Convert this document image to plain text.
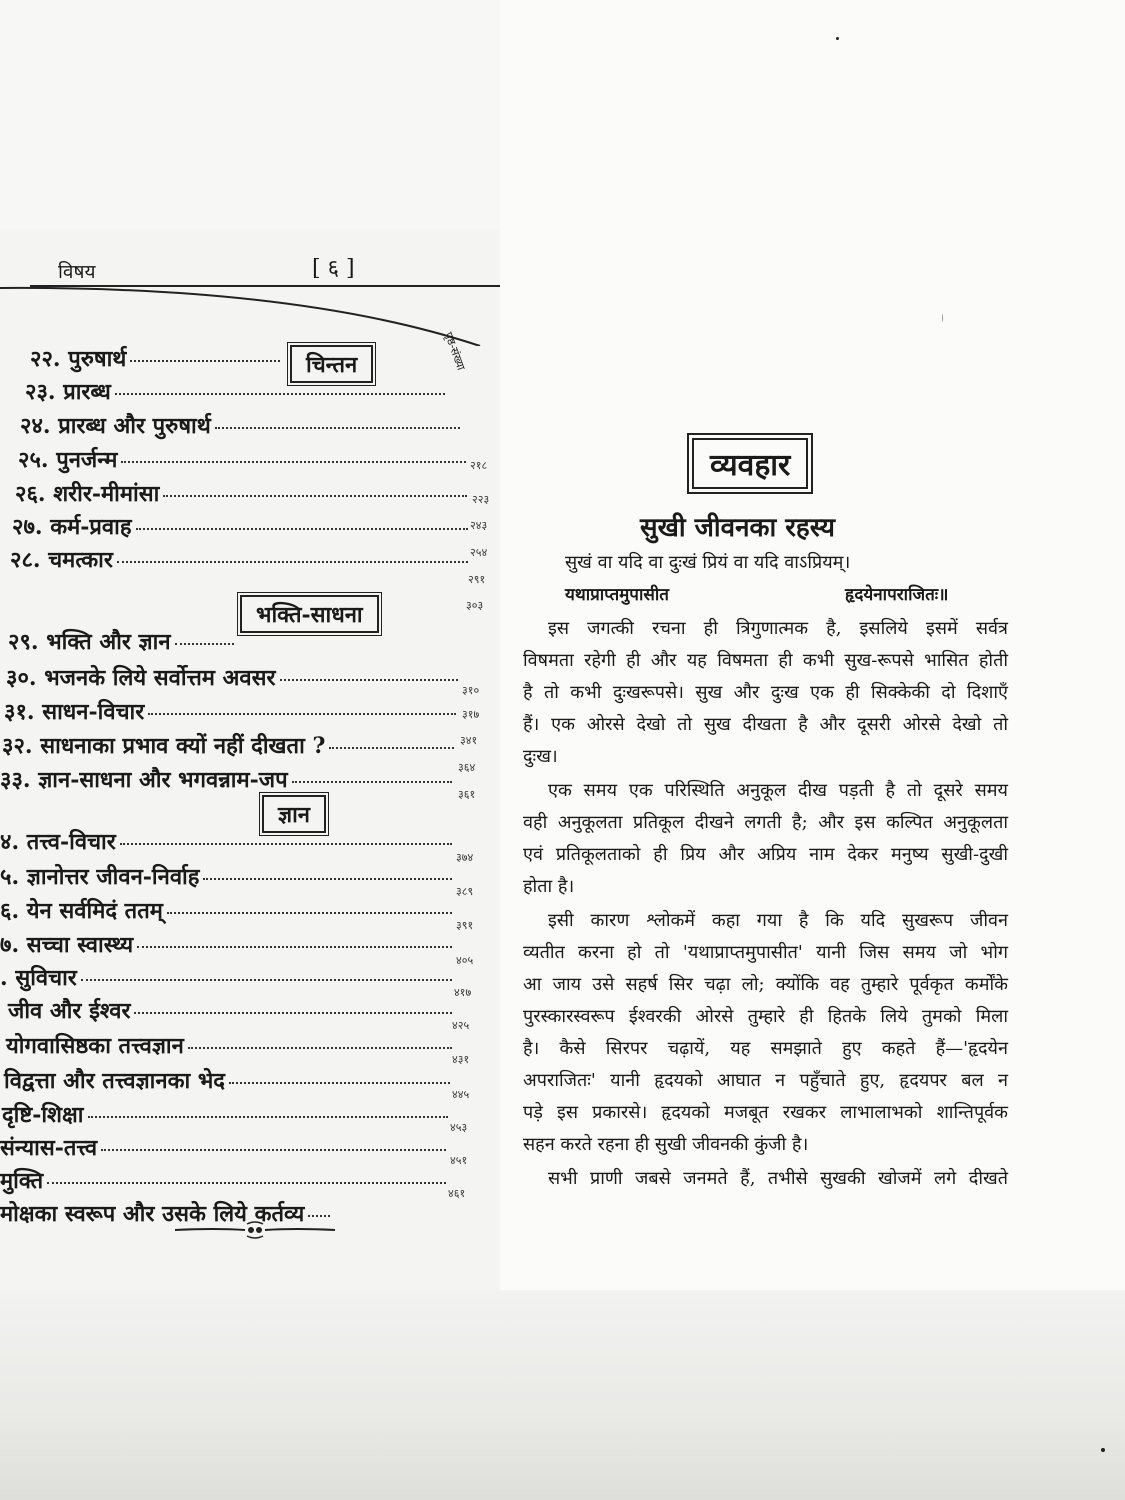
विषय	[ ६ ]
पृष्ठ-संख्या
चिन्तन
भक्ति-साधना
ज्ञान
२२. पुरुषार्थ
२३. प्रारब्ध
२४. प्रारब्ध और पुरुषार्थ
२५. पुनर्जन्म
२६. शरीर-मीमांसा
२७. कर्म-प्रवाह
२८. चमत्कार
२९. भक्ति और ज्ञान
३०. भजनके लिये सर्वोत्तम अवसर
३१. साधन-विचार
३२. साधनाका प्रभाव क्यों नहीं दीखता ?
३३. ज्ञान-साधना और भगवन्नाम-जप
४. तत्त्व-विचार
५. ज्ञानोत्तर जीवन-निर्वाह
६. येन सर्वमिदं ततम्
७. सच्चा स्वास्थ्य
. सुविचार
जीव और ईश्वर
योगवासिष्ठका तत्त्वज्ञान
विद्वत्ता और तत्त्वज्ञानका भेद
दृष्टि-शिक्षा
संन्यास-तत्त्व
मुक्ति
मोक्षका स्वरूप और उसके लिये कर्तव्य
२१८
२२३
२४३
२५४
२९१
३०३
३१०
३१७
३४१
३६४
३६१
३७४
३८९
३९१
४०५
४१७
४२५
४३१
४४५
४५३
४५१
४६१
व्यवहार
सुखी जीवनका रहस्य
सुखं वा यदि वा दुःखं प्रियं वा यदि वाऽप्रियम्।
यथाप्राप्तमुपासीत	हृदयेनापराजितः॥
इस जगत्की रचना ही त्रिगुणात्मक है, इसलिये इसमें सर्वत्र
विषमता रहेगी ही और यह विषमता ही कभी सुख-रूपसे भासित होती
है तो कभी दुःखरूपसे। सुख और दुःख एक ही सिक्केकी दो दिशाएँ
हैं। एक ओरसे देखो तो सुख दीखता है और दूसरी ओरसे देखो तो
दुःख।
एक समय एक परिस्थिति अनुकूल दीख पड़ती है तो दूसरे समय
वही अनुकूलता प्रतिकूल दीखने लगती है; और इस कल्पित अनुकूलता
एवं प्रतिकूलताको ही प्रिय और अप्रिय नाम देकर मनुष्य सुखी-दुखी
होता है।
इसी कारण श्लोकमें कहा गया है कि यदि सुखरूप जीवन
व्यतीत करना हो तो 'यथाप्राप्तमुपासीत' यानी जिस समय जो भोग
आ जाय उसे सहर्ष सिर चढ़ा लो; क्योंकि वह तुम्हारे पूर्वकृत कर्मोंके
पुरस्कारस्वरूप ईश्वरकी ओरसे तुम्हारे ही हितके लिये तुमको मिला
है। कैसे सिरपर चढ़ायें, यह समझाते हुए कहते हैं—'हृदयेन
अपराजितः' यानी हृदयको आघात न पहुँचाते हुए, हृदयपर बल न
पड़े इस प्रकारसे। हृदयको मजबूत रखकर लाभालाभको शान्तिपूर्वक
सहन करते रहना ही सुखी जीवनकी कुंजी है।
सभी प्राणी जबसे जनमते हैं, तभीसे सुखकी खोजमें लगे दीखते
